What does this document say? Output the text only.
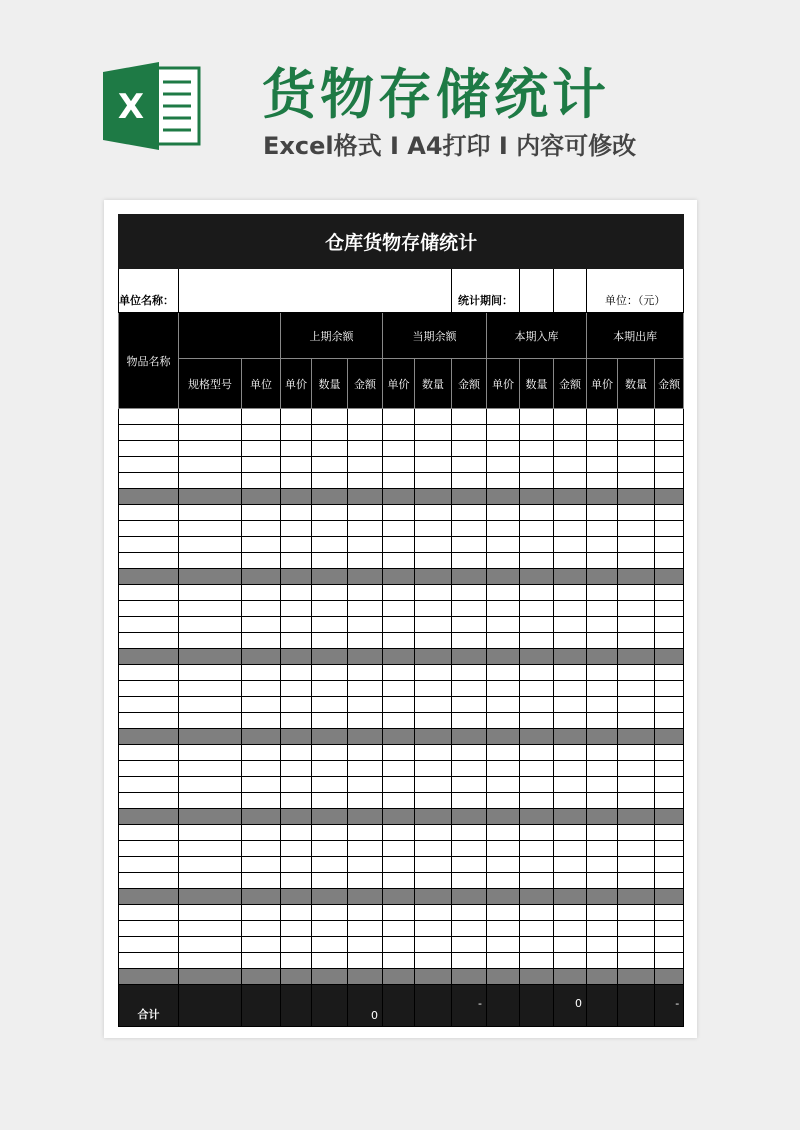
X 货物存储统计
Excel格式 I A4打印 I 内容可修改
仓库货物存储统计														
单位名称：								统计期间：				单位：（元）		
物品名称			上期余额			当期余额			本期入库			本期出库		
	规格型号	单位	单价	数量	金额	单价	数量	金额	单价	数量	金额	单价	数量	金额

合计					0			-			0			-
